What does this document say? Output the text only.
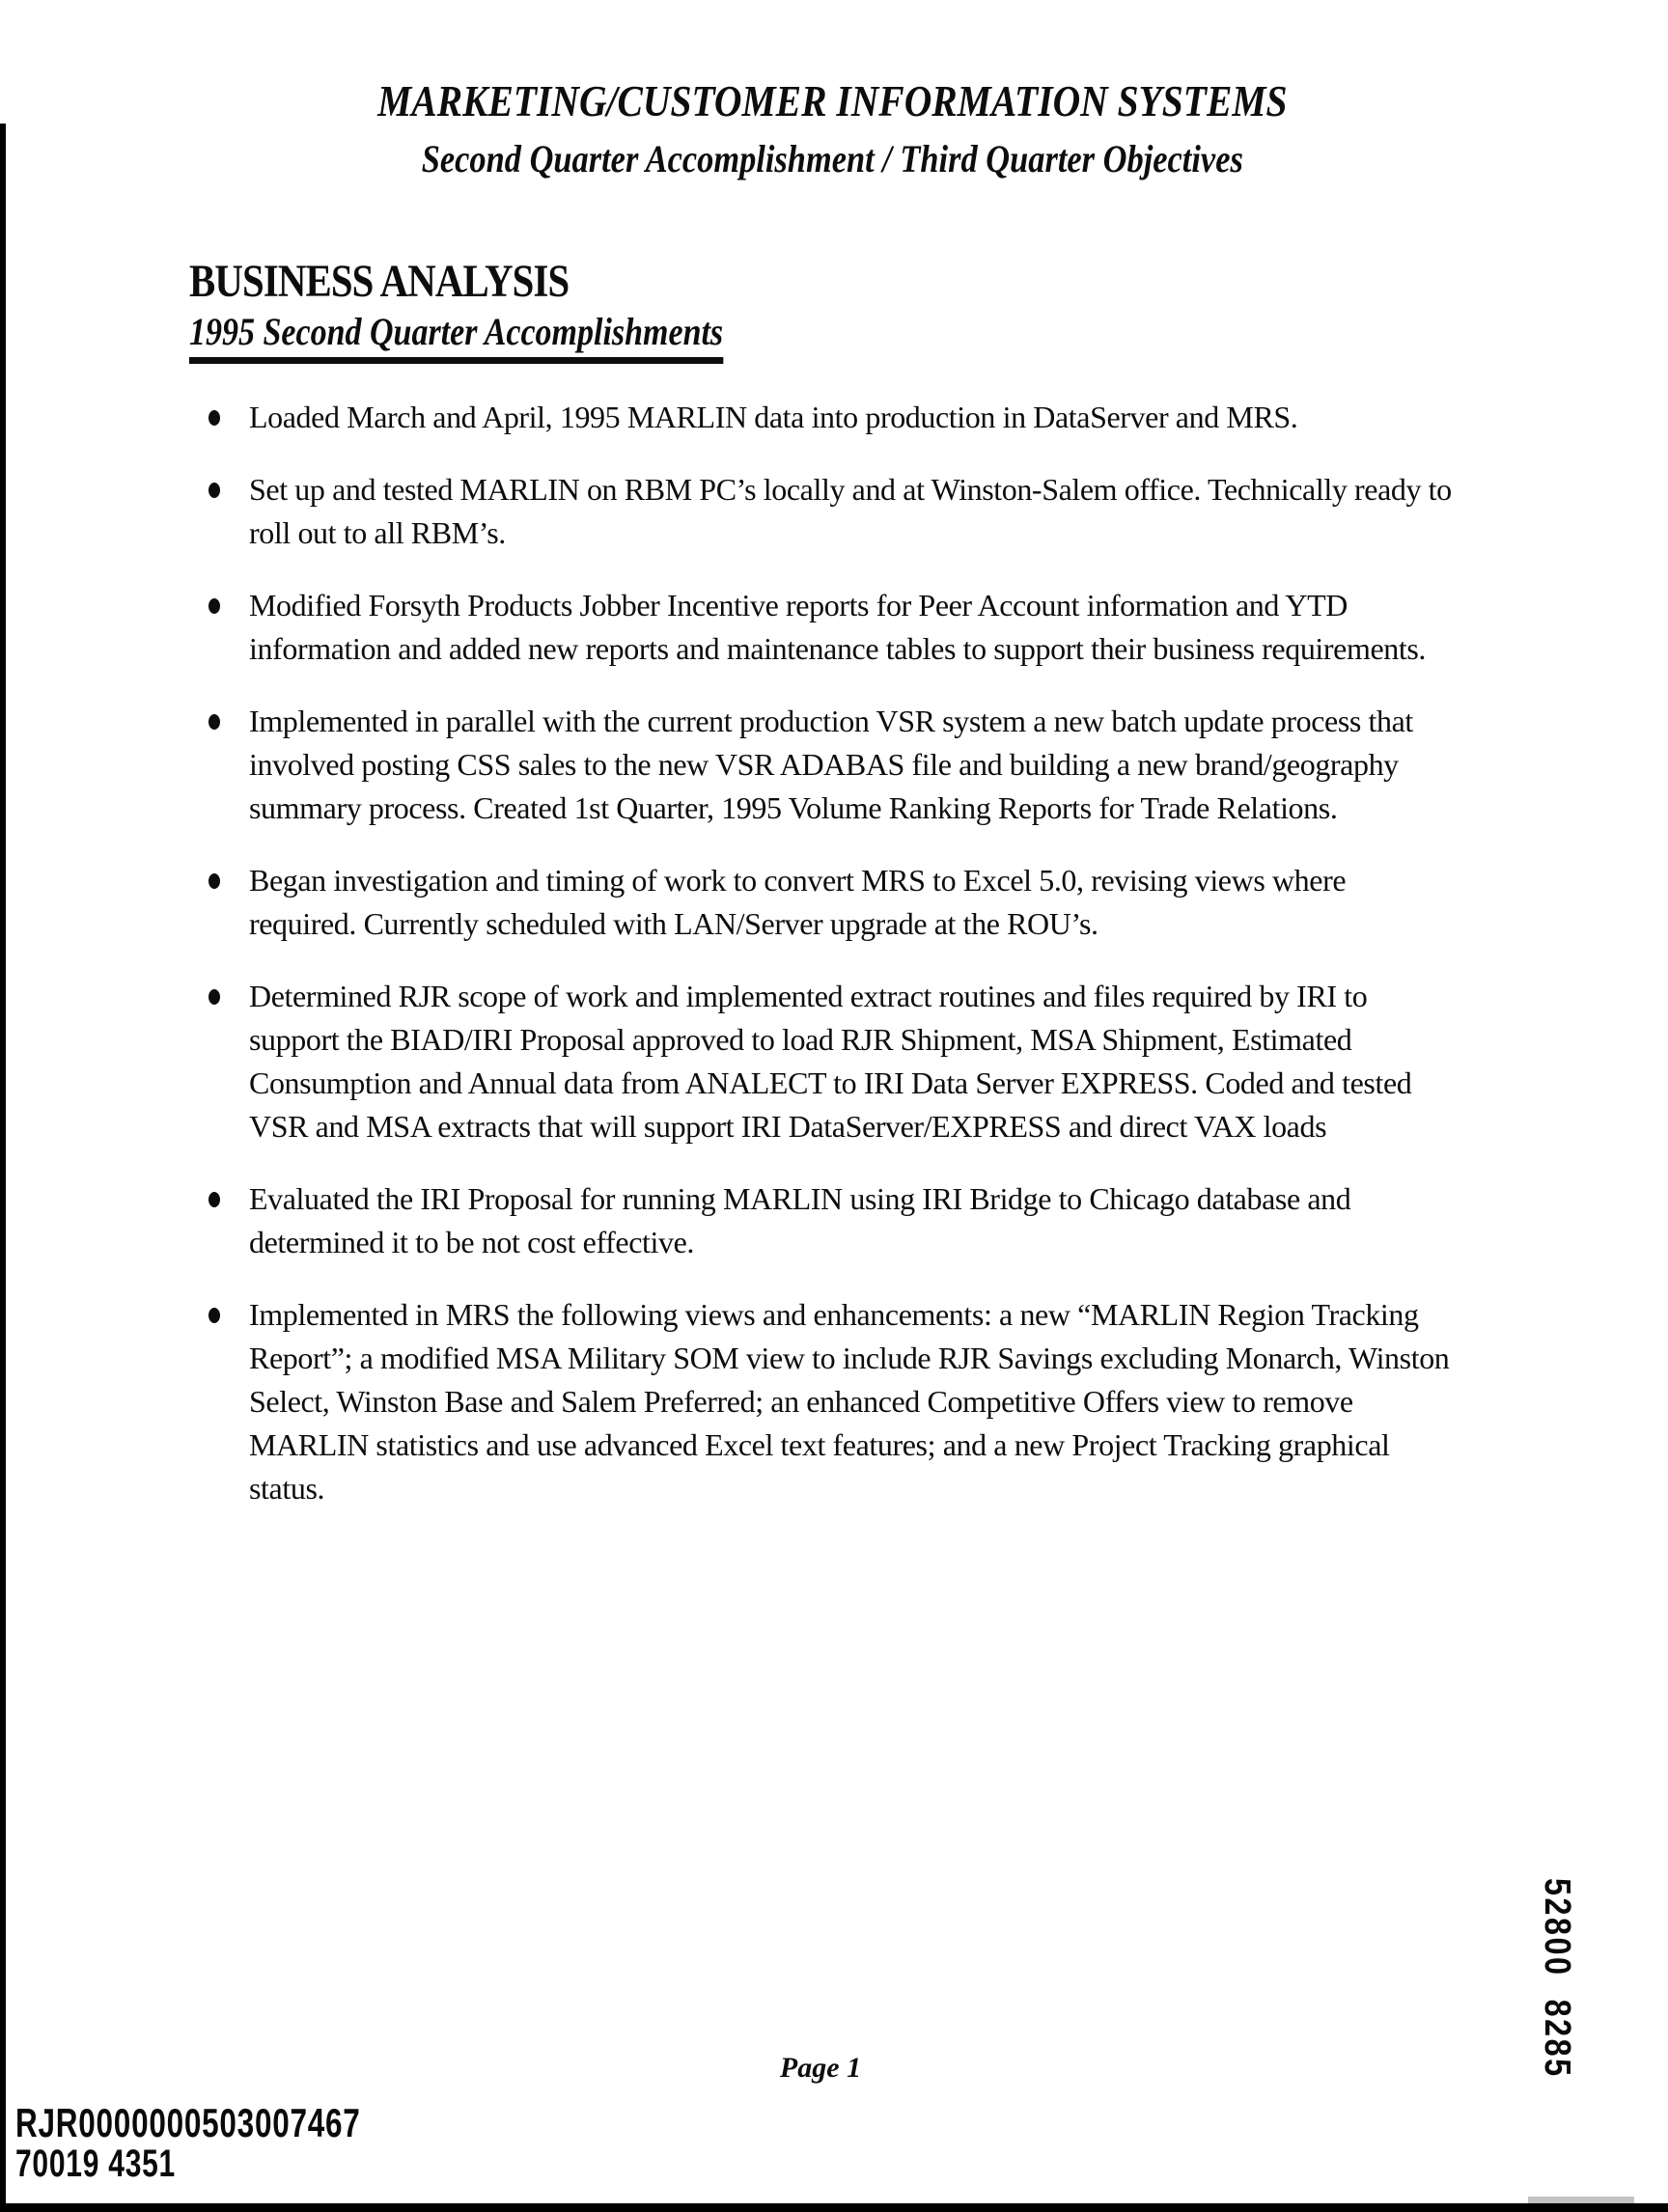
MARKETING/CUSTOMER INFORMATION SYSTEMS
Second Quarter Accomplishment / Third Quarter Objectives
BUSINESS ANALYSIS
1995 Second Quarter Accomplishments
Loaded March and April, 1995 MARLIN data into production in DataServer and MRS.
Set up and tested MARLIN on RBM PC’s locally and at Winston-Salem office. Technically ready to roll out to all RBM’s.
Modified Forsyth Products Jobber Incentive reports for Peer Account information and YTD information and added new reports and maintenance tables to support their business requirements.
Implemented in parallel with the current production VSR system a new batch update process that involved posting CSS sales to the new VSR ADABAS file and building a new brand/geography summary process. Created 1st Quarter, 1995 Volume Ranking Reports for Trade Relations.
Began investigation and timing of work to convert MRS to Excel 5.0, revising views where required. Currently scheduled with LAN/Server upgrade at the ROU’s.
Determined RJR scope of work and implemented extract routines and files required by IRI to support the BIAD/IRI Proposal approved to load RJR Shipment, MSA Shipment, Estimated Consumption and Annual data from ANALECT to IRI Data Server EXPRESS. Coded and tested VSR and MSA extracts that will support IRI DataServer/EXPRESS and direct VAX loads
Evaluated the IRI Proposal for running MARLIN using IRI Bridge to Chicago database and determined it to be not cost effective.
Implemented in MRS the following views and enhancements: a new “MARLIN Region Tracking Report”; a modified MSA Military SOM view to include RJR Savings excluding Monarch, Winston Select, Winston Base and Salem Preferred; an enhanced Competitive Offers view to remove MARLIN statistics and use advanced Excel text features; and a new Project Tracking graphical status.
Page 1
RJR0000000503007467
70019 4351
52800  8285
